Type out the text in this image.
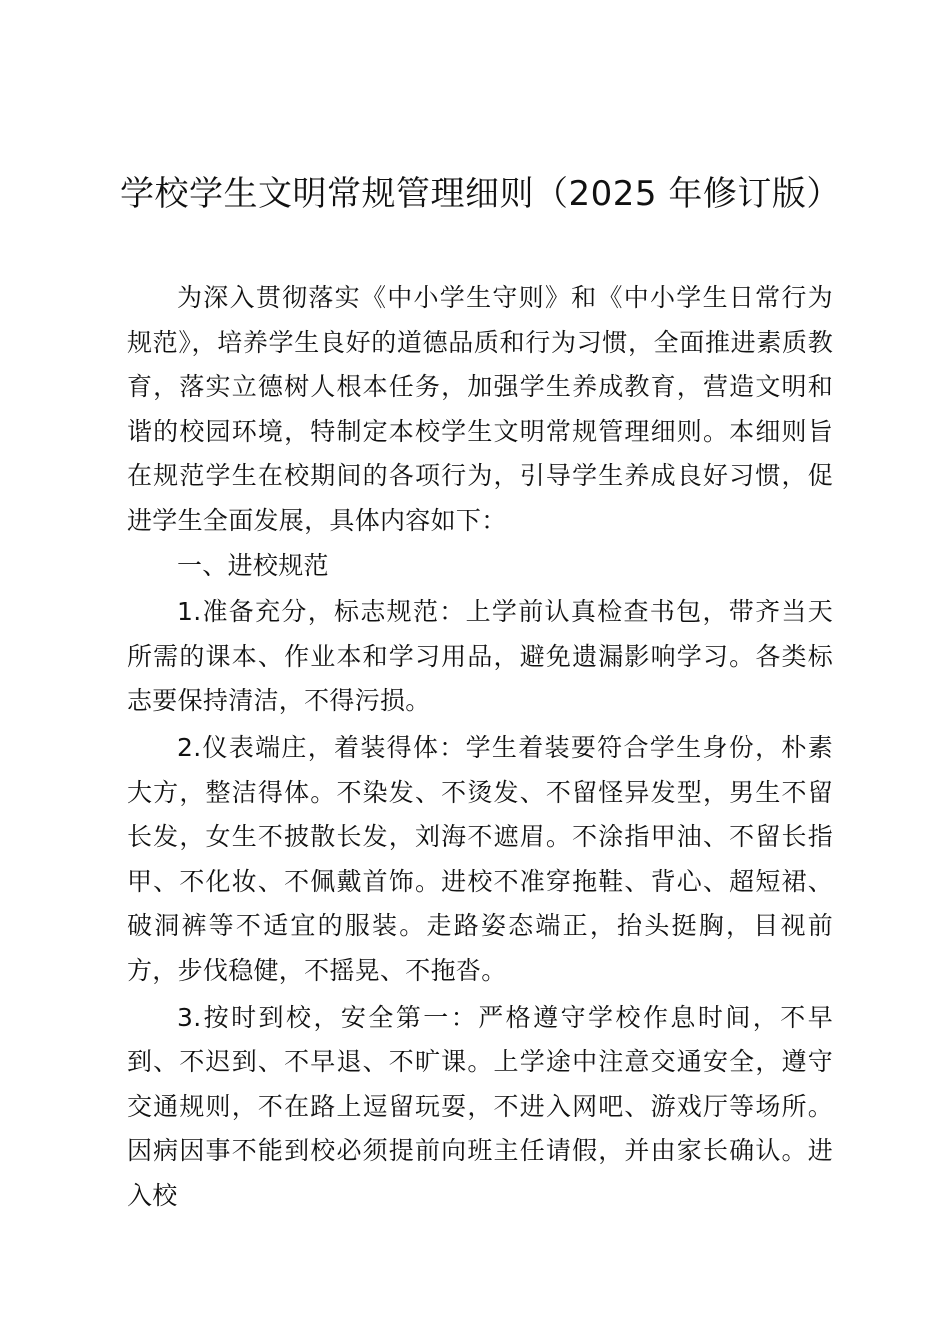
学校学生文明常规管理细则（2025 年修订版）

为深入贯彻落实《中小学生守则》和《中小学生日常行为规范》，培养学生良好的道德品质和行为习惯，全面推进素质教育，落实立德树人根本任务，加强学生养成教育，营造文明和谐的校园环境，特制定本校学生文明常规管理细则。本细则旨在规范学生在校期间的各项行为，引导学生养成良好习惯，促进学生全面发展，具体内容如下：

一、进校规范

1.准备充分，标志规范：上学前认真检查书包，带齐当天所需的课本、作业本和学习用品，避免遗漏影响学习。各类标志要保持清洁，不得污损。

2.仪表端庄，着装得体：学生着装要符合学生身份，朴素大方，整洁得体。不染发、不烫发、不留怪异发型，男生不留长发，女生不披散长发，刘海不遮眉。不涂指甲油、不留长指甲、不化妆、不佩戴首饰。进校不准穿拖鞋、背心、超短裙、破洞裤等不适宜的服装。走路姿态端正，抬头挺胸，目视前方，步伐稳健，不摇晃、不拖沓。

3.按时到校，安全第一：严格遵守学校作息时间，不早到、不迟到、不早退、不旷课。上学途中注意交通安全，遵守交通规则，不在路上逗留玩耍，不进入网吧、游戏厅等场所。因病因事不能到校必须提前向班主任请假，并由家长确认。进入校
